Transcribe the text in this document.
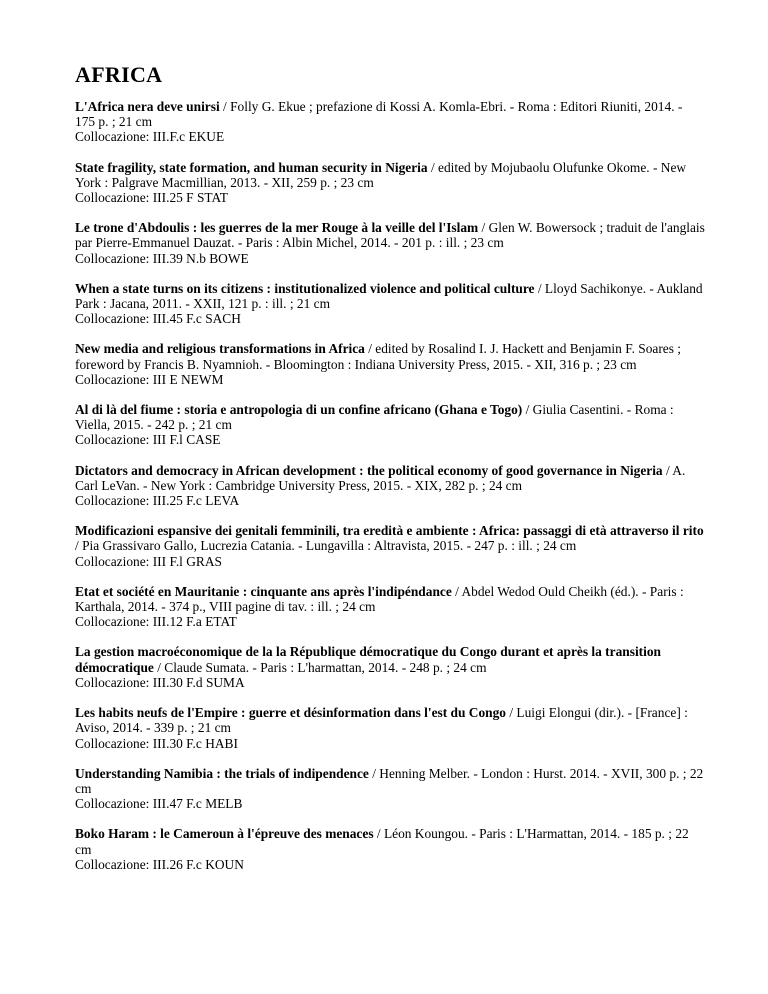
AFRICA
L'Africa nera deve unirsi / Folly G. Ekue ; prefazione di Kossi A. Komla-Ebri. - Roma : Editori Riuniti, 2014. - 175 p. ; 21 cm
Collocazione: III.F.c EKUE
State fragility, state formation, and human security in Nigeria / edited by Mojubaolu Olufunke Okome. - New York : Palgrave Macmillian, 2013. - XII, 259 p. ; 23 cm
Collocazione: III.25 F STAT
Le trone d'Abdoulis : les guerres de la mer Rouge à la veille del l'Islam / Glen W. Bowersock ; traduit de l'anglais par Pierre-Emmanuel Dauzat. - Paris : Albin Michel, 2014. - 201 p. : ill. ; 23 cm
Collocazione: III.39 N.b BOWE
When a state turns on its citizens : institutionalized violence and political culture / Lloyd Sachikonye. - Aukland Park : Jacana, 2011. - XXII, 121 p. : ill. ; 21 cm
Collocazione: III.45 F.c SACH
New media and religious transformations in Africa / edited by Rosalind I. J. Hackett and Benjamin F. Soares ; foreword by Francis B. Nyamnioh. - Bloomington : Indiana University Press, 2015. - XII, 316 p. ; 23 cm
Collocazione: III E NEWM
Al di là del fiume : storia e antropologia di un confine africano (Ghana e Togo) / Giulia Casentini. - Roma : Viella, 2015. - 242 p. ; 21 cm
Collocazione: III F.l CASE
Dictators and democracy in African development : the political economy of good governance in Nigeria / A. Carl LeVan. - New York : Cambridge University Press, 2015. - XIX, 282 p. ; 24 cm
Collocazione: III.25 F.c LEVA
Modificazioni espansive dei genitali femminili, tra eredità e ambiente : Africa: passaggi di età attraverso il rito / Pia Grassivaro Gallo, Lucrezia Catania. - Lungavilla : Altravista, 2015. - 247 p. : ill. ; 24 cm
Collocazione: III F.l GRAS
Etat et société en Mauritanie : cinquante ans après l'indipéndance / Abdel Wedod Ould Cheikh (éd.). - Paris : Karthala, 2014. - 374 p., VIII pagine di tav. : ill. ; 24 cm
Collocazione: III.12 F.a ETAT
La gestion macroéconomique de la la République démocratique du Congo durant et après la transition démocratique / Claude Sumata. - Paris : L'harmattan, 2014. - 248 p. ; 24 cm
Collocazione: III.30 F.d SUMA
Les habits neufs de l'Empire : guerre et désinformation dans l'est du Congo / Luigi Elongui (dir.). - [France] : Aviso, 2014. - 339 p. ; 21 cm
Collocazione: III.30 F.c HABI
Understanding Namibia : the trials of indipendence / Henning Melber. - London : Hurst. 2014. - XVII, 300 p. ; 22 cm
Collocazione: III.47 F.c MELB
Boko Haram : le Cameroun à l'épreuve des menaces / Léon Koungou. - Paris : L'Harmattan, 2014. - 185 p. ; 22 cm
Collocazione: III.26 F.c KOUN
